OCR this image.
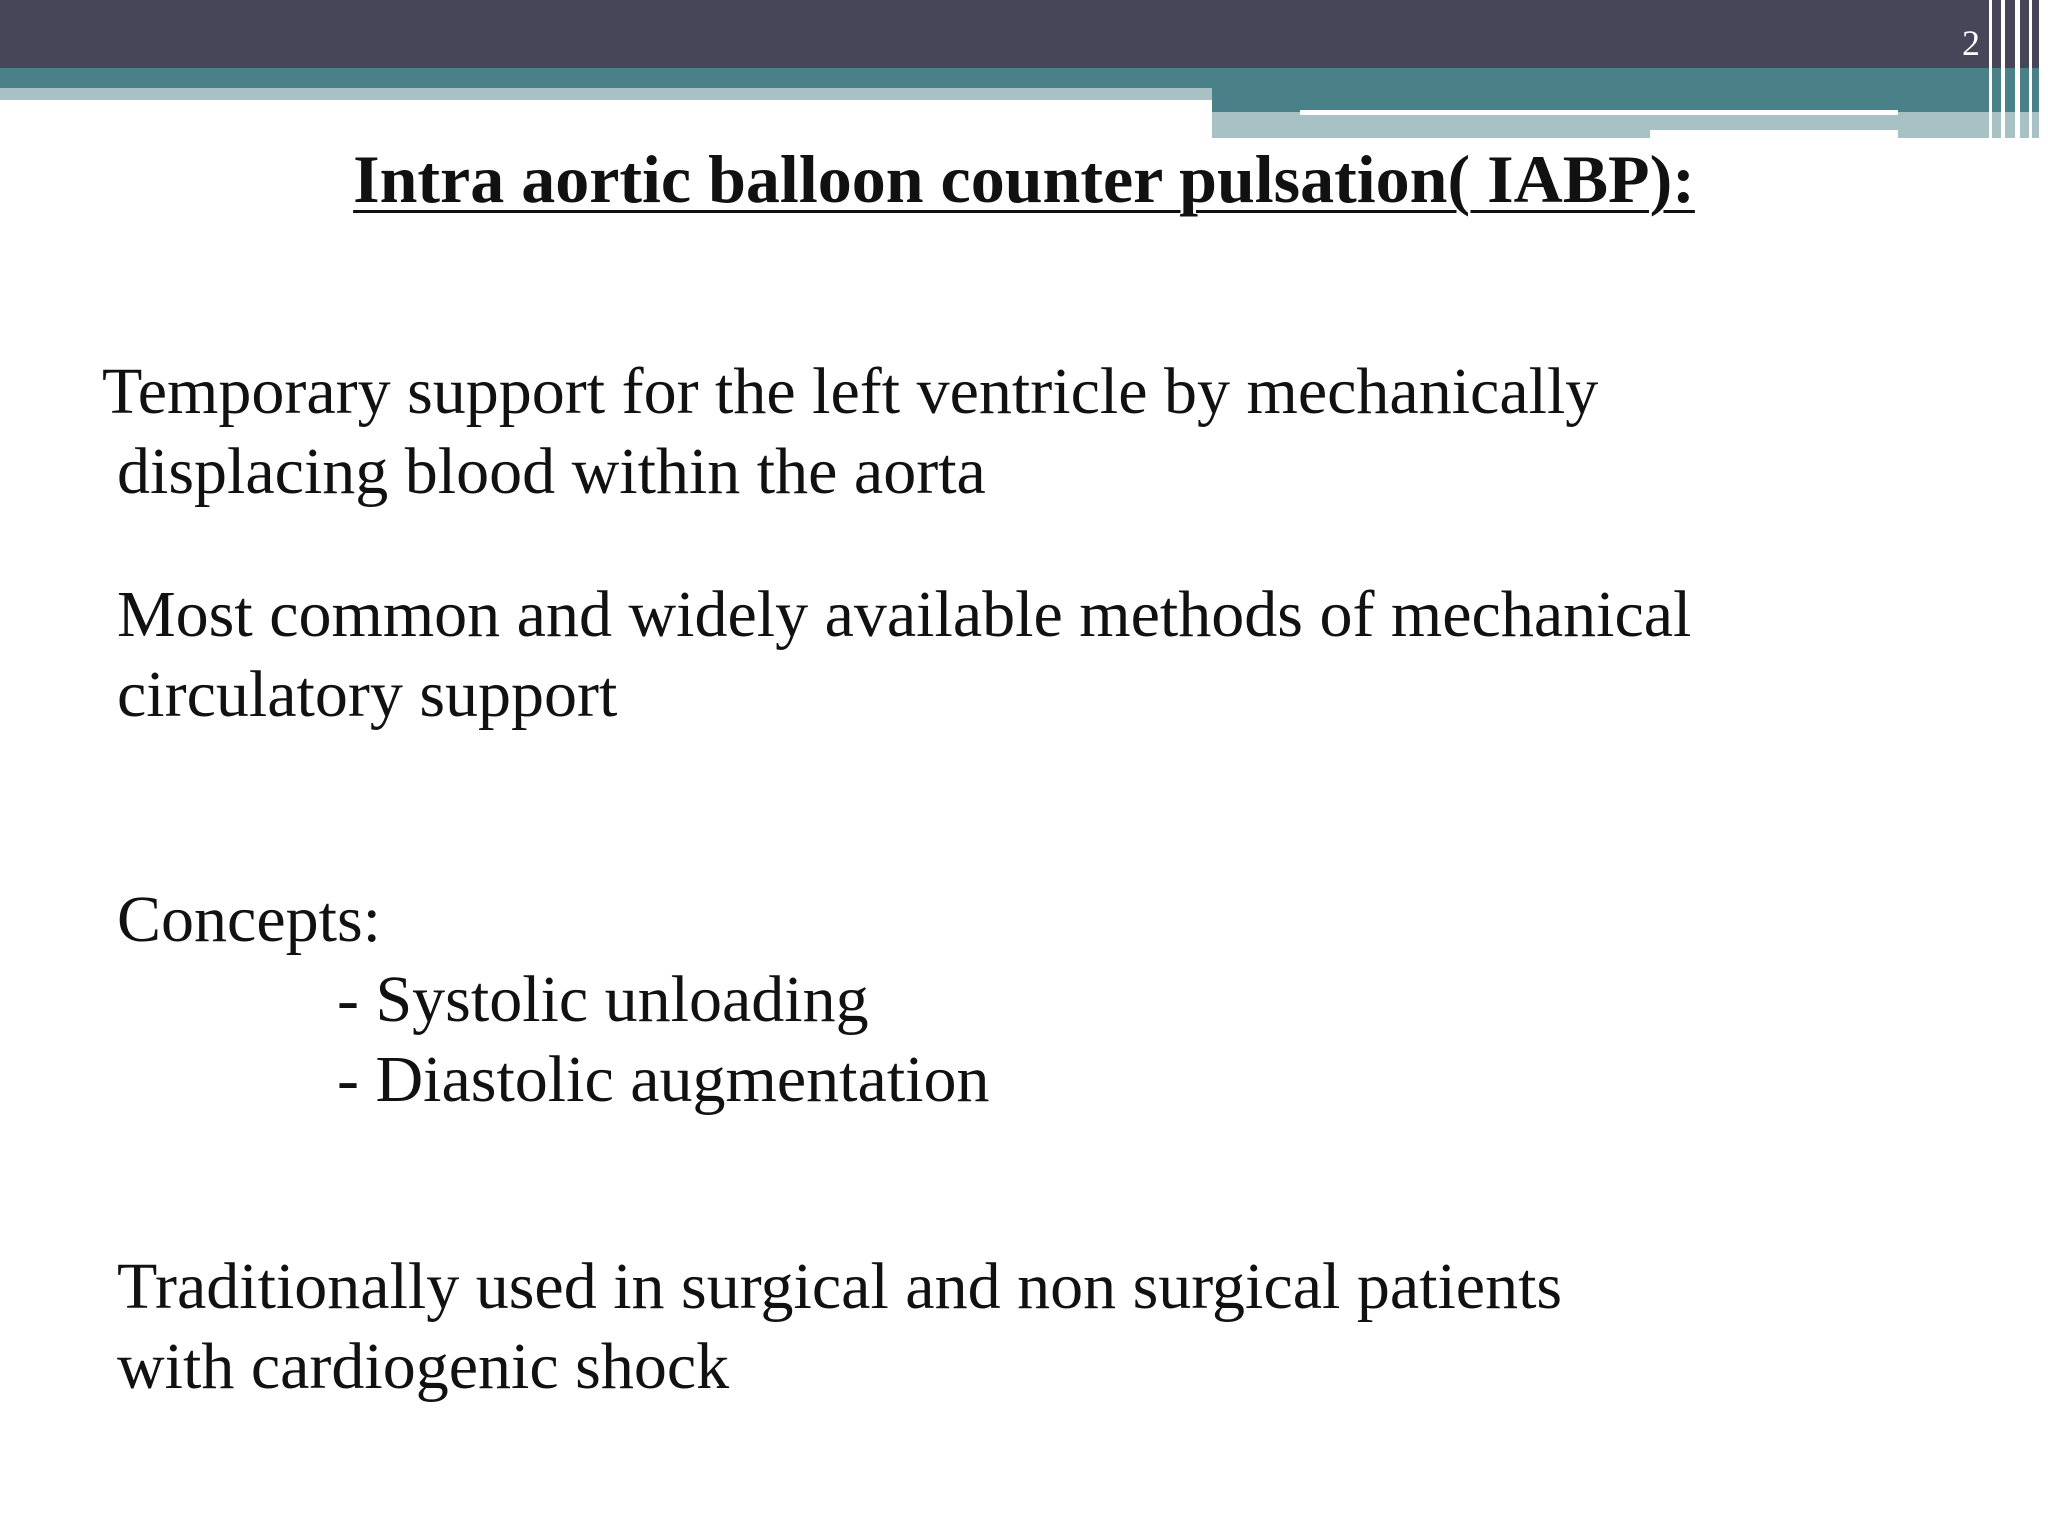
2
Intra aortic balloon counter pulsation( IABP):

Temporary support for the left ventricle by mechanically
displacing blood within the aorta

Most common and widely available methods of mechanical
circulatory support

Concepts:
- Systolic unloading
- Diastolic augmentation

Traditionally used in surgical and non surgical patients
with cardiogenic shock
